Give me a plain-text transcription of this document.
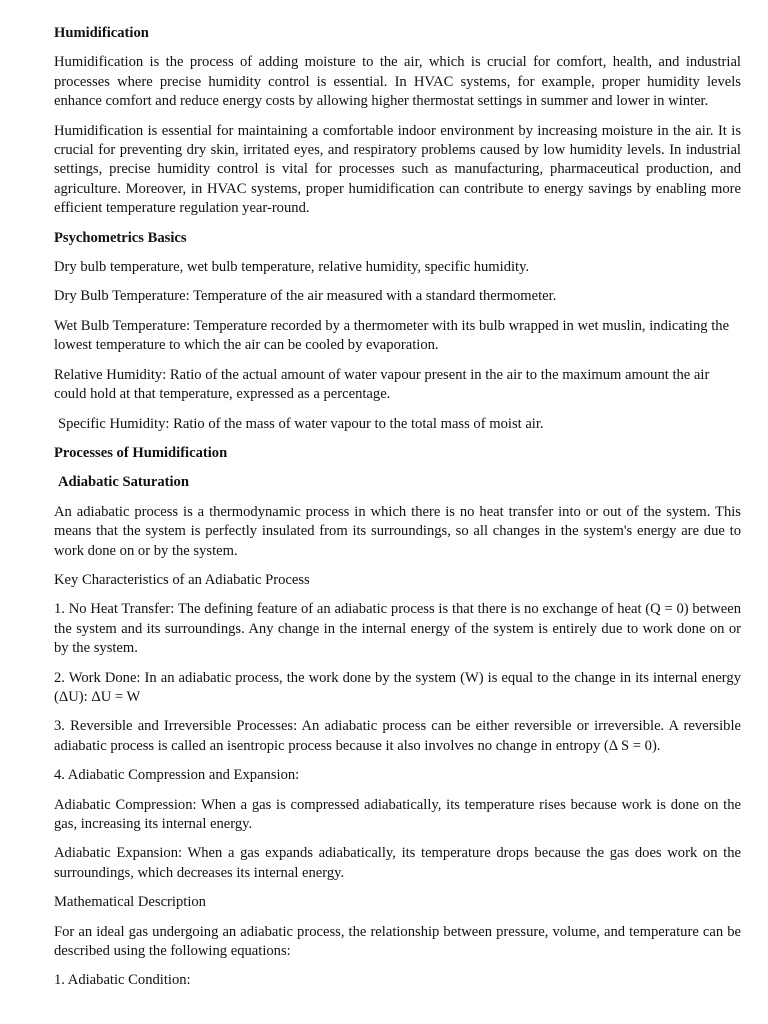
Humidification

Humidification is the process of adding moisture to the air, which is crucial for comfort, health, and industrial processes where precise humidity control is essential. In HVAC systems, for example, proper humidity levels enhance comfort and reduce energy costs by allowing higher thermostat settings in summer and lower in winter.

Humidification is essential for maintaining a comfortable indoor environment by increasing moisture in the air. It is crucial for preventing dry skin, irritated eyes, and respiratory problems caused by low humidity levels. In industrial settings, precise humidity control is vital for processes such as manufacturing, pharmaceutical production, and agriculture. Moreover, in HVAC systems, proper humidification can contribute to energy savings by enabling more efficient temperature regulation year-round.

Psychometrics Basics

Dry bulb temperature, wet bulb temperature, relative humidity, specific humidity.

Dry Bulb Temperature: Temperature of the air measured with a standard thermometer.

Wet Bulb Temperature: Temperature recorded by a thermometer with its bulb wrapped in wet muslin, indicating the lowest temperature to which the air can be cooled by evaporation.

Relative Humidity: Ratio of the actual amount of water vapour present in the air to the maximum amount the air could hold at that temperature, expressed as a percentage.

Specific Humidity: Ratio of the mass of water vapour to the total mass of moist air.

Processes of Humidification

Adiabatic Saturation

An adiabatic process is a thermodynamic process in which there is no heat transfer into or out of the system. This means that the system is perfectly insulated from its surroundings, so all changes in the system's energy are due to work done on or by the system.

Key Characteristics of an Adiabatic Process

1. No Heat Transfer: The defining feature of an adiabatic process is that there is no exchange of heat (Q = 0) between the system and its surroundings. Any change in the internal energy of the system is entirely due to work done on or by the system.

2. Work Done: In an adiabatic process, the work done by the system (W) is equal to the change in its internal energy (ΔU): ΔU = W

3. Reversible and Irreversible Processes: An adiabatic process can be either reversible or irreversible. A reversible adiabatic process is called an isentropic process because it also involves no change in entropy (Δ S = 0).

4. Adiabatic Compression and Expansion:

Adiabatic Compression: When a gas is compressed adiabatically, its temperature rises because work is done on the gas, increasing its internal energy.

Adiabatic Expansion: When a gas expands adiabatically, its temperature drops because the gas does work on the surroundings, which decreases its internal energy.

Mathematical Description

For an ideal gas undergoing an adiabatic process, the relationship between pressure, volume, and temperature can be described using the following equations:

1. Adiabatic Condition:
